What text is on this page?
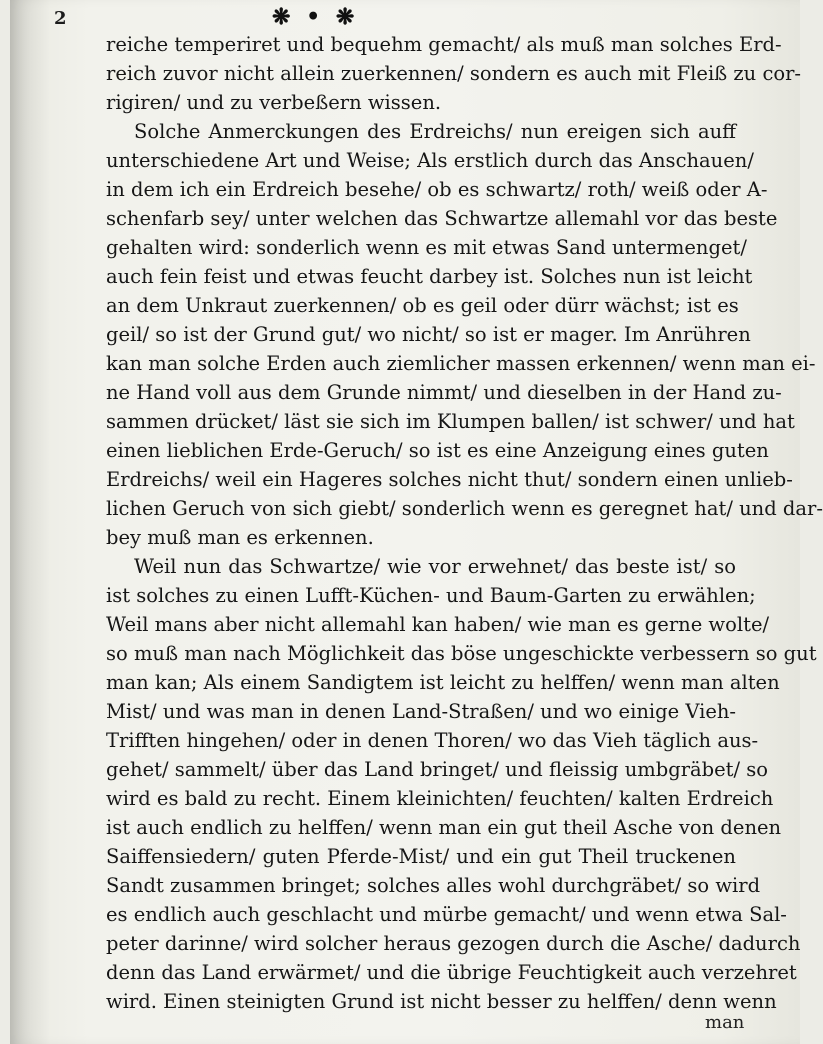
2	❋ • ❋
reiche temperiret und bequehm gemacht/ als muß man solches Erd-
reich zuvor nicht allein zuerkennen/ sondern es auch mit Fleiß zu cor-
rigiren/ und zu verbeßern wissen.
Solche Anmerckungen des Erdreichs/ nun ereigen sich auff
unterschiedene Art und Weise; Als erstlich durch das Anschauen/
in dem ich ein Erdreich besehe/ ob es schwartz/ roth/ weiß oder A-
schenfarb sey/ unter welchen das Schwartze allemahl vor das beste
gehalten wird: sonderlich wenn es mit etwas Sand untermenget/
auch fein feist und etwas feucht darbey ist. Solches nun ist leicht
an dem Unkraut zuerkennen/ ob es geil oder dürr wächst; ist es
geil/ so ist der Grund gut/ wo nicht/ so ist er mager. Im Anrühren
kan man solche Erden auch ziemlicher massen erkennen/ wenn man ei-
ne Hand voll aus dem Grunde nimmt/ und dieselben in der Hand zu-
sammen drücket/ läst sie sich im Klumpen ballen/ ist schwer/ und hat
einen lieblichen Erde-Geruch/ so ist es eine Anzeigung eines guten
Erdreichs/ weil ein Hageres solches nicht thut/ sondern einen unlieb-
lichen Geruch von sich giebt/ sonderlich wenn es geregnet hat/ und dar-
bey muß man es erkennen.
Weil nun das Schwartze/ wie vor erwehnet/ das beste ist/ so
ist solches zu einen Lufft-Küchen- und Baum-Garten zu erwählen;
Weil mans aber nicht allemahl kan haben/ wie man es gerne wolte/
so muß man nach Möglichkeit das böse ungeschickte verbessern so gut
man kan; Als einem Sandigtem ist leicht zu helffen/ wenn man alten
Mist/ und was man in denen Land-Straßen/ und wo einige Vieh-
Trifften hingehen/ oder in denen Thoren/ wo das Vieh täglich aus-
gehet/ sammelt/ über das Land bringet/ und fleissig umbgräbet/ so
wird es bald zu recht. Einem kleinichten/ feuchten/ kalten Erdreich
ist auch endlich zu helffen/ wenn man ein gut theil Asche von denen
Saiffensiedern/ guten Pferde-Mist/ und ein gut Theil truckenen
Sandt zusammen bringet; solches alles wohl durchgräbet/ so wird
es endlich auch geschlacht und mürbe gemacht/ und wenn etwa Sal-
peter darinne/ wird solcher heraus gezogen durch die Asche/ dadurch
denn das Land erwärmet/ und die übrige Feuchtigkeit auch verzehret
wird. Einen steinigten Grund ist nicht besser zu helffen/ denn wenn
man
